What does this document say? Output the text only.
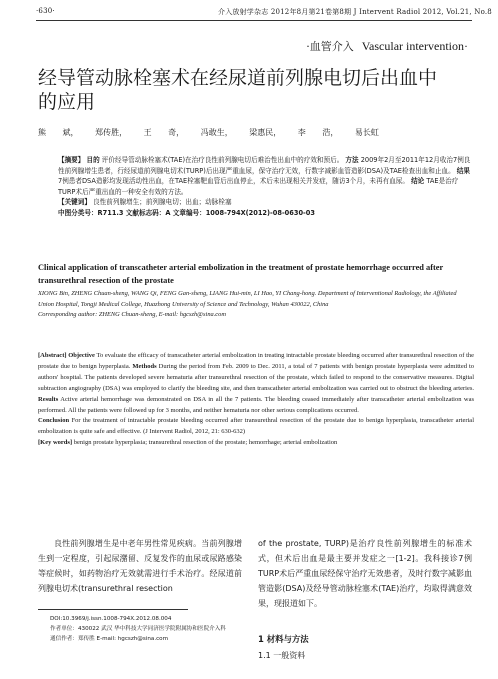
·630·	介入放射学杂志 2012年8月第21卷第8期 J Intervent Radiol 2012, Vol.21, No.8
·血管介入 Vascular intervention·
经导管动脉栓塞术在经尿道前列腺电切后出血中的应用
熊 斌， 郑传胜， 王 奇， 冯敢生， 梁惠民， 李 浩， 易长虹
【摘要】 目的 评价经导管动脉栓塞术(TAE)在治疗良性前列腺电切后难治性出血中的疗效和预后。 方法 2009年2月至2011年12月收治7例良性前列腺增生患者，行经尿道前列腺电切术(TURP)后出现严重血尿，保守治疗无效，行数字减影血管造影(DSA)及TAE检查出血和止血。 结果 7例患者DSA造影均发现活动性出血，在TAE栓塞靶血管后出血停止，术后未出现相关并发症，随访3个月，未再有血尿。 结论 TAE是治疗TURP术后严重出血的一种安全有效的方法。
【关键词】 良性前列腺增生；前列腺电切；出血；动脉栓塞
中图分类号：R711.3 文献标志码：A 文章编号：1008-794X(2012)-08-0630-03
Clinical application of transcatheter arterial embolization in the treatment of prostate hemorrhage occurred after transurethral resection of the prostate
XIONG Bin, ZHENG Chuan-sheng, WANG Qi, FENG Gan-sheng, LIANG Hui-min, LI Hao, YI Chang-hong. Department of Interventional Radiology, the Affiliated Union Hospital, Tongji Medical College, Huazhong University of Science and Technology, Wuhan 430022, China
Corresponding author: ZHENG Chuan-sheng, E-mail: hgcszh@sina.com
[Abstract] Objective To evaluate the efficacy of transcatheter arterial embolization in treating intractable prostate bleeding occurred after transurethral resection of the prostate due to benign hyperplasia. Methods During the period from Feb. 2009 to Dec. 2011, a total of 7 patients with benign prostate hyperplasia were admitted to authors' hospital. The patients developed severe hematuria after transurethral resection of the prostate, which failed to respond to the conservative measures. Digital subtraction angiography (DSA) was employed to clarify the bleeding site, and then transcatheter arterial embolization was carried out to obstruct the bleeding arteries. Results Active arterial hemorrhage was demonstrated on DSA in all the 7 patients. The bleeding ceased immediately after transcatheter arterial embolization was performed. All the patients were followed up for 3 months, and neither hematuria nor other serious complications occurred.
Conclusion For the treatment of intractable prostate bleeding occurred after transurethral resection of the prostate due to benign hyperplasia, transcatheter arterial embolization is quite safe and effective. (J Intervent Radiol, 2012, 21: 630-632)
[Key words] benign prostate hyperplasia; transurethral resection of the prostate; hemorrhage; arterial embolization
良性前列腺增生是中老年男性常见疾病。当前列腺增生到一定程度，引起尿潴留、反复发作的血尿或尿路感染等症候时，如药物治疗无效就需进行手术治疗。经尿道前列腺电切术(transurethral resection
of the prostate, TURP)是治疗良性前列腺增生的标准术式，但术后出血是最主要并发症之一[1-2]。我科接诊7例TURP术后严重血尿经保守治疗无效患者，及时行数字减影血管造影(DSA)及经导管动脉栓塞术(TAE)治疗，均取得满意效果，现报道如下。
DOI:10.3969/j.issn.1008-794X.2012.08.004
作者单位：430022 武汉 华中科技大学同济医学院附属协和医院介入科
通信作者：郑传胜 E-mail: hgcszh@sina.com	1 材料与方法
1.1 一般资料
